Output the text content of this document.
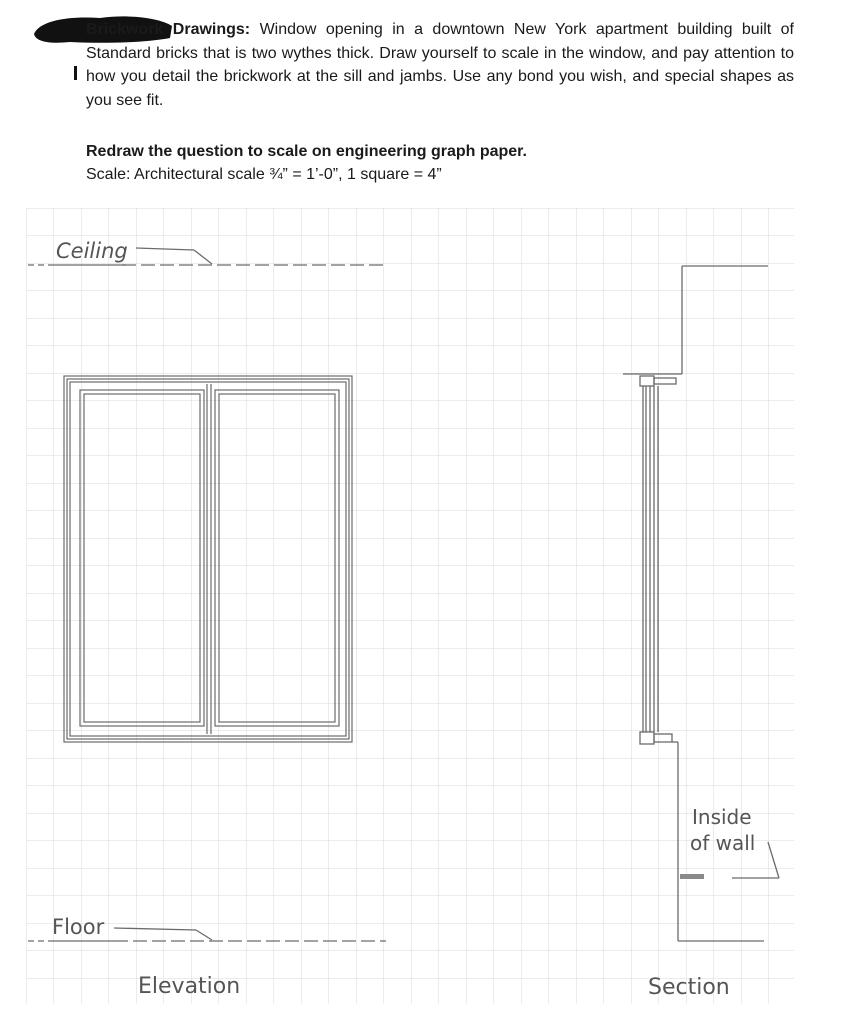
Brickwork Drawings: Window opening in a downtown New York apartment building built of Standard bricks that is two wythes thick. Draw yourself to scale in the window, and pay attention to how you detail the brickwork at the sill and jambs. Use any bond you wish, and special shapes as you see fit.

Redraw the question to scale on engineering graph paper.
Scale: Architectural scale ¾” = 1’-0”, 1 square = 4”
Ceiling
Floor
Elevation
Inside
of wall
Section
